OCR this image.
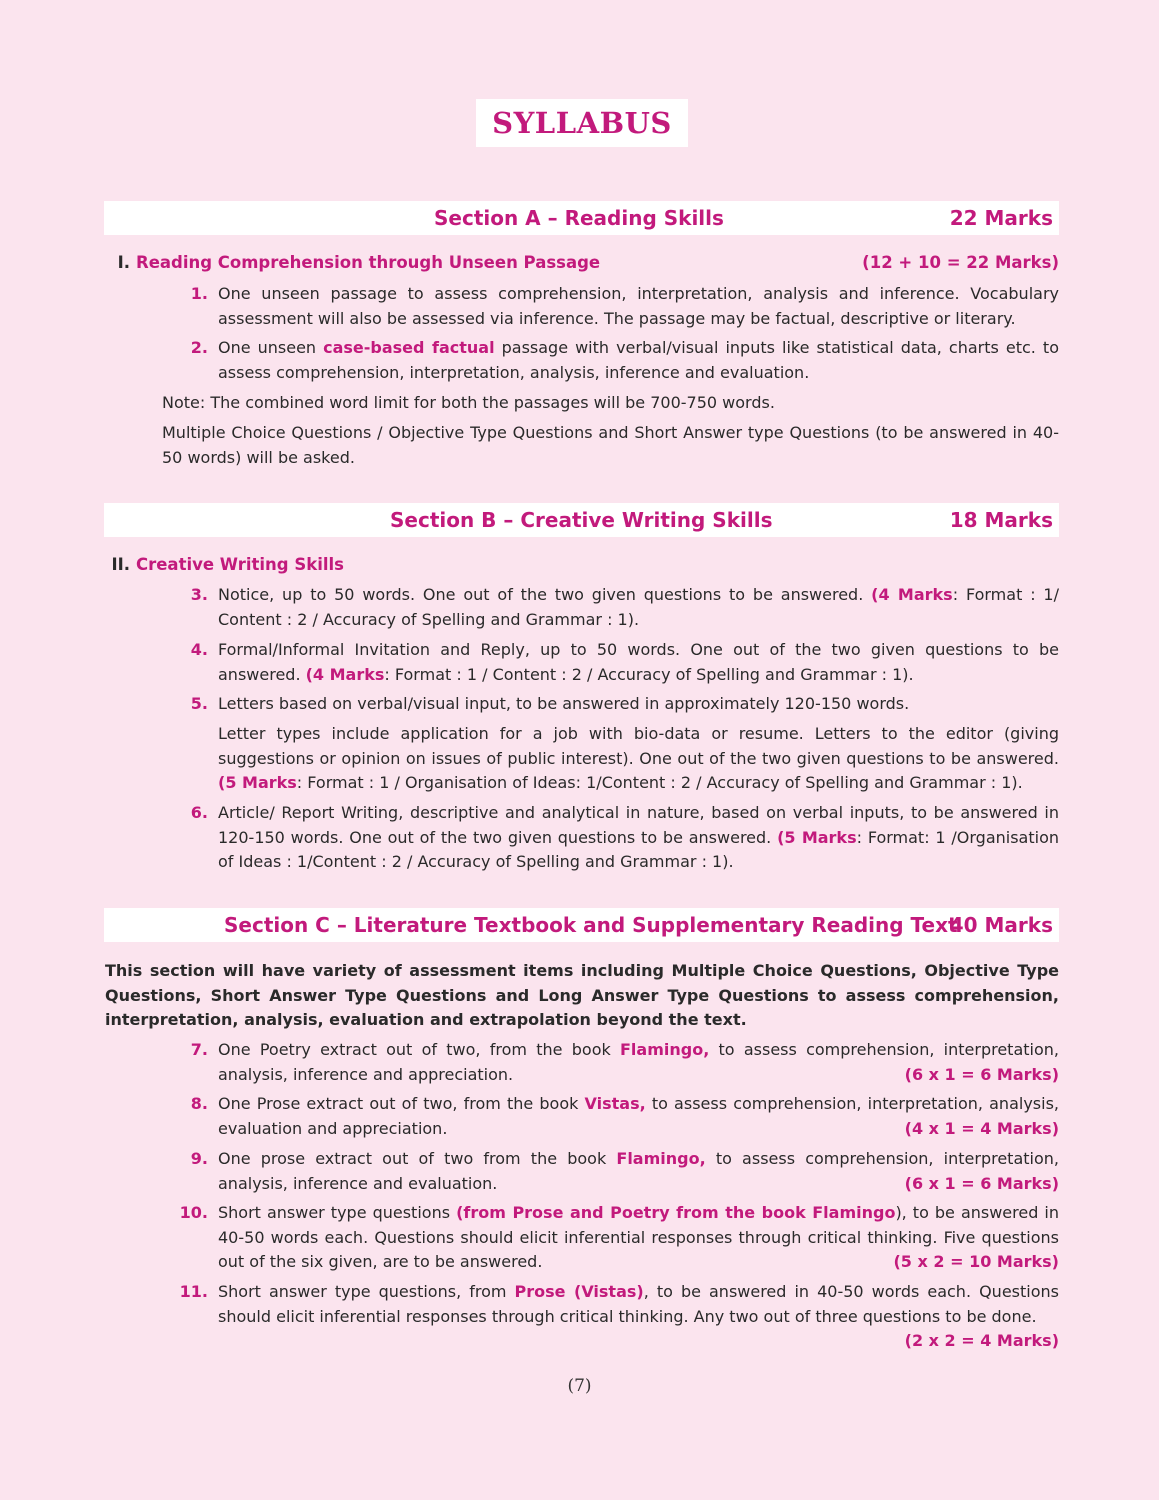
SYLLABUS
Section A – Reading Skills	22 Marks
I. Reading Comprehension through Unseen Passage	(12 + 10 = 22 Marks)
1. One unseen passage to assess comprehension, interpretation, analysis and inference. Vocabulary assessment will also be assessed via inference. The passage may be factual, descriptive or literary.
2. One unseen case-based factual passage with verbal/visual inputs like statistical data, charts etc. to assess comprehension, interpretation, analysis, inference and evaluation.
Note: The combined word limit for both the passages will be 700-750 words.
Multiple Choice Questions / Objective Type Questions and Short Answer type Questions (to be answered in 40-50 words) will be asked.
Section B – Creative Writing Skills	18 Marks
II. Creative Writing Skills
3. Notice, up to 50 words. One out of the two given questions to be answered. (4 Marks: Format : 1/ Content : 2 / Accuracy of Spelling and Grammar : 1).
4. Formal/Informal Invitation and Reply, up to 50 words. One out of the two given questions to be answered. (4 Marks: Format : 1 / Content : 2 / Accuracy of Spelling and Grammar : 1).
5. Letters based on verbal/visual input, to be answered in approximately 120-150 words.
Letter types include application for a job with bio-data or resume. Letters to the editor (giving suggestions or opinion on issues of public interest). One out of the two given questions to be answered. (5 Marks: Format : 1 / Organisation of Ideas: 1/Content : 2 / Accuracy of Spelling and Grammar : 1).
6. Article/ Report Writing, descriptive and analytical in nature, based on verbal inputs, to be answered in 120-150 words. One out of the two given questions to be answered. (5 Marks: Format: 1 /Organisation of Ideas : 1/Content : 2 / Accuracy of Spelling and Grammar : 1).
Section C – Literature Textbook and Supplementary Reading Text
40 Marks
This section will have variety of assessment items including Multiple Choice Questions, Objective Type Questions, Short Answer Type Questions and Long Answer Type Questions to assess comprehension, interpretation, analysis, evaluation and extrapolation beyond the text.
7. One Poetry extract out of two, from the book Flamingo, to assess comprehension, interpretation, analysis, inference and appreciation.	(6 x 1 = 6 Marks)
8. One Prose extract out of two, from the book Vistas, to assess comprehension, interpretation, analysis, evaluation and appreciation.	(4 x 1 = 4 Marks)
9. One prose extract out of two from the book Flamingo, to assess comprehension, interpretation, analysis, inference and evaluation.	(6 x 1 = 6 Marks)
10. Short answer type questions (from Prose and Poetry from the book Flamingo), to be answered in 40-50 words each. Questions should elicit inferential responses through critical thinking. Five questions out of the six given, are to be answered.	(5 x 2 = 10 Marks)
11. Short answer type questions, from Prose (Vistas), to be answered in 40-50 words each. Questions should elicit inferential responses through critical thinking. Any two out of three questions to be done.
(2 x 2 = 4 Marks)
(7)
